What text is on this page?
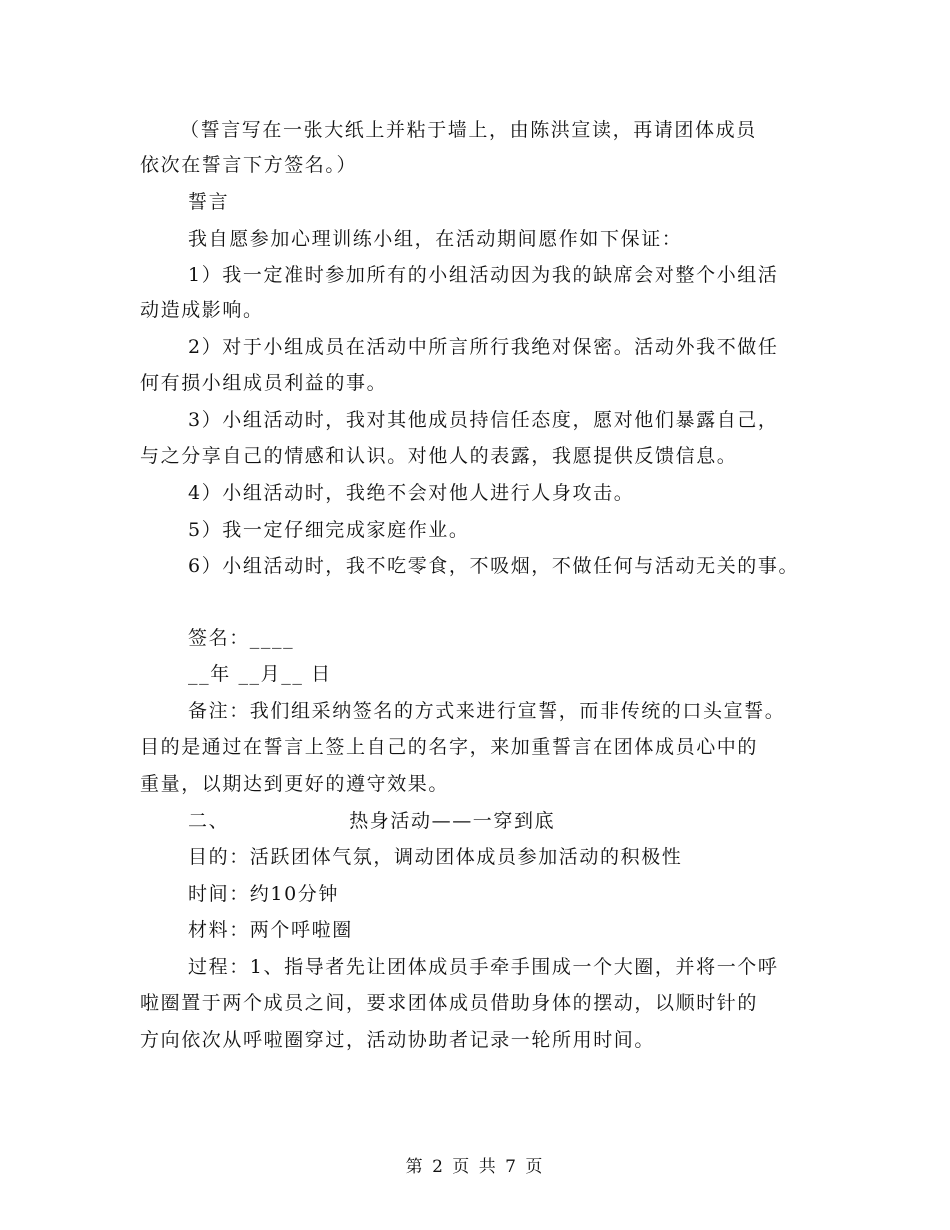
（誓言写在一张大纸上并粘于墙上，由陈洪宣读，再请团体成员
依次在誓言下方签名。）
誓言
我自愿参加心理训练小组，在活动期间愿作如下保证：
1）我一定准时参加所有的小组活动因为我的缺席会对整个小组活
动造成影响。
2）对于小组成员在活动中所言所行我绝对保密。活动外我不做任
何有损小组成员利益的事。
3）小组活动时，我对其他成员持信任态度，愿对他们暴露自己，
与之分享自己的情感和认识。对他人的表露，我愿提供反馈信息。
4）小组活动时，我绝不会对他人进行人身攻击。
5）我一定仔细完成家庭作业。
6）小组活动时，我不吃零食，不吸烟，不做任何与活动无关的事。
签名：____
__年 __月__ 日
备注：我们组采纳签名的方式来进行宣誓，而非传统的口头宣誓。
目的是通过在誓言上签上自己的名字，来加重誓言在团体成员心中的
重量，以期达到更好的遵守效果。
二、	热身活动——一穿到底
目的：活跃团体气氛，调动团体成员参加活动的积极性
时间：约10分钟
材料：两个呼啦圈
过程：1、指导者先让团体成员手牵手围成一个大圈，并将一个呼
啦圈置于两个成员之间，要求团体成员借助身体的摆动，以顺时针的
方向依次从呼啦圈穿过，活动协助者记录一轮所用时间。
第 2 页 共 7 页
